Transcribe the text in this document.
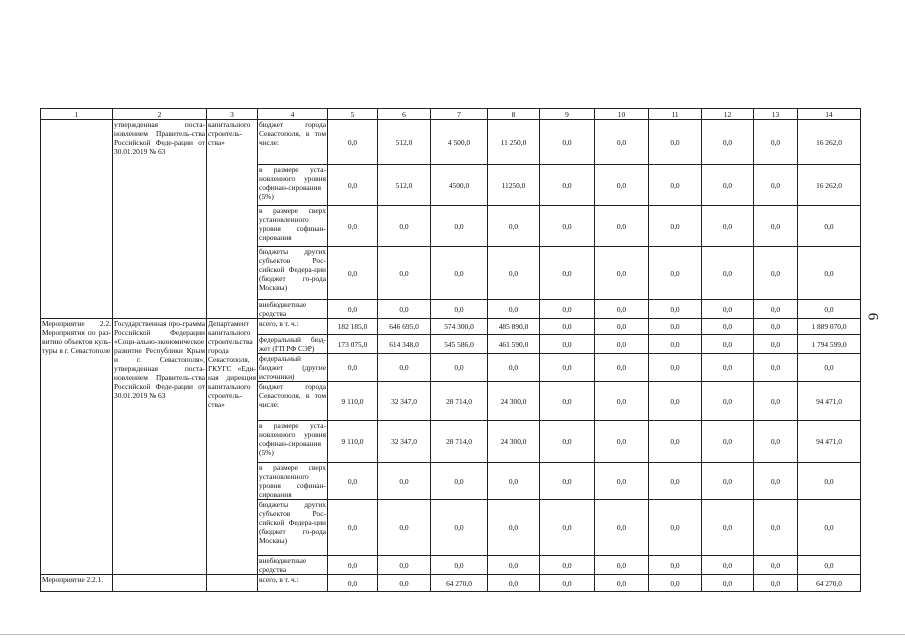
1	2	3	4	5	6	7	8	9	10	11	12	13	14
	утвержденная поста-новлением Правитель-ства Российской Феде-рации от 30.01.2019 № 63	капитального строитель-ства»	бюджет города Севастополя, в том числе:	0,0	512,0	4 500,0	11 250,0	0,0	0,0	0,0	0,0	0,0	16 262,0
			в размере уста-новленного уровня софинан-сирования (5%)	0,0	512,0	4500,0	11250,0	0,0	0,0	0,0	0,0	0,0	16 262,0
			в размере сверх установленного уровня софинан-сирования	0,0	0,0	0,0	0,0	0,0	0,0	0,0	0,0	0,0	0,0
			бюджеты других субъектов Рос-сийской Федера-ции (бюджет го-рода Москвы)	0,0	0,0	0,0	0,0	0,0	0,0	0,0	0,0	0,0	0,0
			внебюджетные средства	0,0	0,0	0,0	0,0	0,0	0,0	0,0	0,0	0,0	0,0
Мероприятие 2.2. Мероприятия по раз-витию объектов куль-туры в г. Севастополе	Государственная про-грамма Российской Федерации «Соци-ально-экономическое развитие Республики Крым и г. Севастополя», утвержденная поста-новлением Правитель-ства Российской Феде-рации от 30.01.2019 № 63	Департамент капитального строительства города Севастополя, ГКУГС «Еди-ная дирекция капитального строитель-ства»	всего, в т. ч.:	182 185,0	646 695,0	574 300,0	485 890,0	0,0	0,0	0,0	0,0	0,0	1 889 070,0
			федеральный бюд-жет (ГП РФ СЭР)	173 075,0	614 348,0	545 586,0	461 590,0	0,0	0,0	0,0	0,0	0,0	1 794 599,0
			федеральный бюджет (другие источники)	0,0	0,0	0,0	0,0	0,0	0,0	0,0	0,0	0,0	0,0
			бюджет города Севастополя, в том числе:	9 110,0	32 347,0	28 714,0	24 300,0	0,0	0,0	0,0	0,0	0,0	94 471,0
			в размере уста-новленного уровня софинан-сирования (5%)	9 110,0	32 347,0	28 714,0	24 300,0	0,0	0,0	0,0	0,0	0,0	94 471,0
			в размере сверх установленного уровня софинан-сирования	0,0	0,0	0,0	0,0	0,0	0,0	0,0	0,0	0,0	0,0
			бюджеты других субъектов Рос-сийской Федера-ции (бюджет го-рода Москвы)	0,0	0,0	0,0	0,0	0,0	0,0	0,0	0,0	0,0	0,0
			внебюджетные средства	0,0	0,0	0,0	0,0	0,0	0,0	0,0	0,0	0,0	0,0
Мероприятие 2.2.1.			всего, в т. ч.:	0,0	0,0	64 270,0	0,0	0,0	0,0	0,0	0,0	0,0	64 270,0
6
